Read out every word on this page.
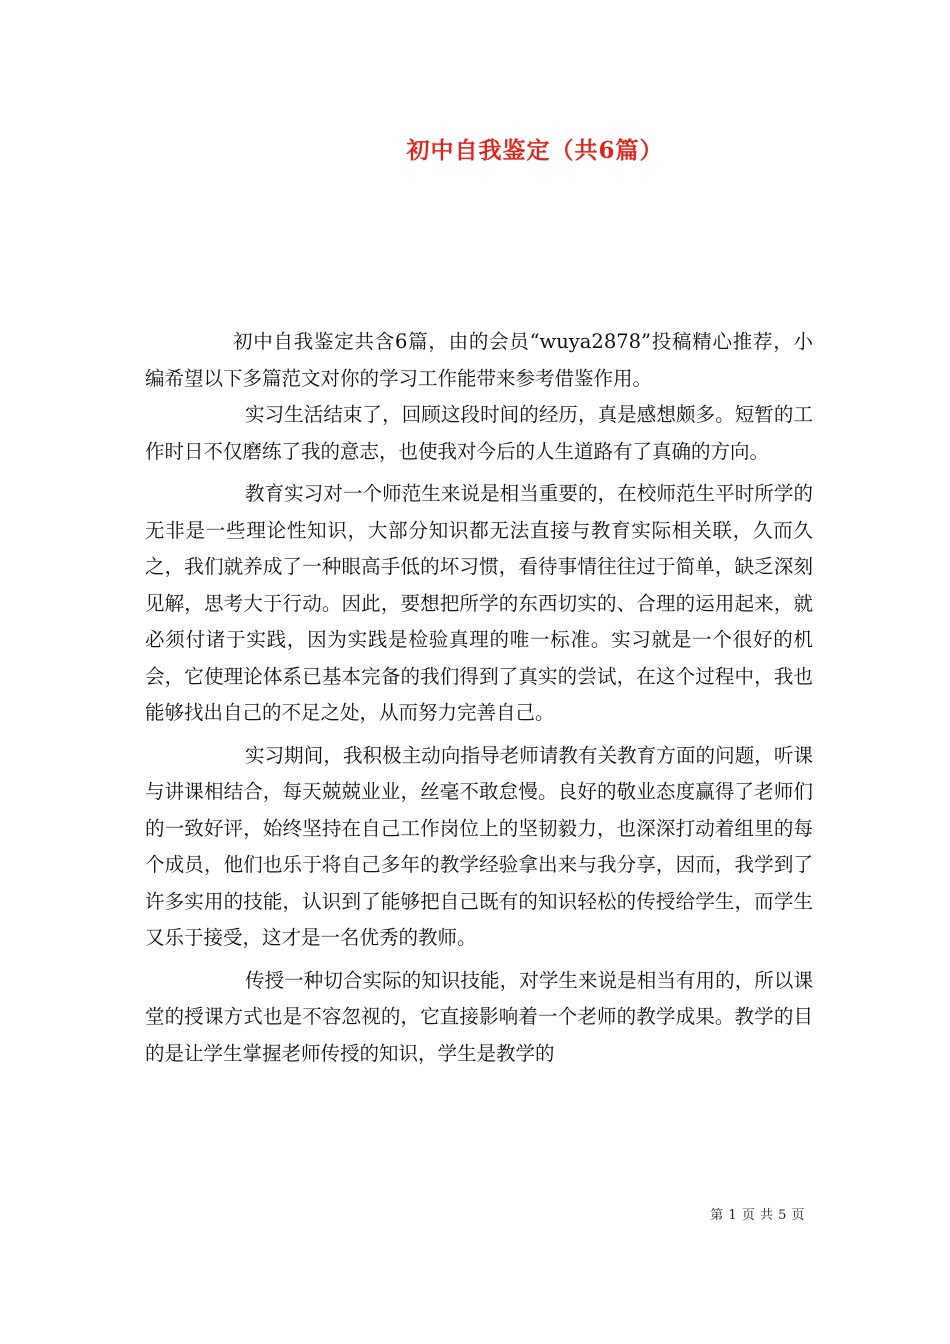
初中自我鉴定（共6篇）

初中自我鉴定共含6篇，由的会员“wuya2878”投稿精心推荐，小编希望以下多篇范文对你的学习工作能带来参考借鉴作用。

实习生活结束了，回顾这段时间的经历，真是感想颇多。短暂的工作时日不仅磨练了我的意志，也使我对今后的人生道路有了真确的方向。

教育实习对一个师范生来说是相当重要的，在校师范生平时所学的无非是一些理论性知识，大部分知识都无法直接与教育实际相关联，久而久之，我们就养成了一种眼高手低的坏习惯，看待事情往往过于简单，缺乏深刻见解，思考大于行动。因此，要想把所学的东西切实的、合理的运用起来，就必须付诸于实践，因为实践是检验真理的唯一标准。实习就是一个很好的机会，它使理论体系已基本完备的我们得到了真实的尝试，在这个过程中，我也能够找出自己的不足之处，从而努力完善自己。

实习期间，我积极主动向指导老师请教有关教育方面的问题，听课与讲课相结合，每天兢兢业业，丝毫不敢怠慢。良好的敬业态度赢得了老师们的一致好评，始终坚持在自己工作岗位上的坚韧毅力，也深深打动着组里的每个成员，他们也乐于将自己多年的教学经验拿出来与我分享，因而，我学到了许多实用的技能，认识到了能够把自己既有的知识轻松的传授给学生，而学生又乐于接受，这才是一名优秀的教师。

传授一种切合实际的知识技能，对学生来说是相当有用的，所以课堂的授课方式也是不容忽视的，它直接影响着一个老师的教学成果。教学的目的是让学生掌握老师传授的知识，学生是教学的

第 1 页 共 5 页
